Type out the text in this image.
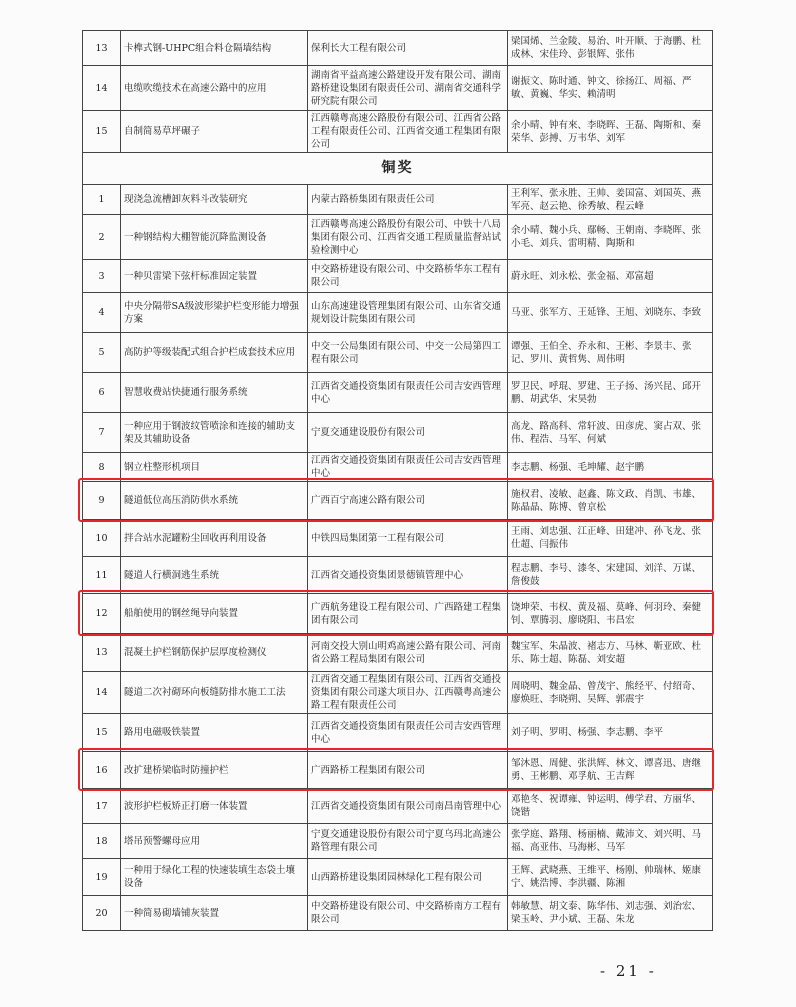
13	卡榫式钢-UHPC组合料仓隔墙结构	保利长大工程有限公司	梁国烯、兰金陵、易治、叶开顺、于海鹏、杜成林、宋佳玲、彭银辉、张伟
14	电缆吹缆技术在高速公路中的应用	湖南省平益高速公路建设开发有限公司、湖南路桥建设集团有限责任公司、湖南省交通科学研究院有限公司	谢振文、陈时通、钟文、徐扬江、周福、严敏、黄巍、华实、赖清明
15	自制简易草坪碾子	江西赣粤高速公路股份有限公司、江西省公路工程有限责任公司、江西省交通工程集团有限公司	余小晴、钟有來、李晓晖、王磊、陶斯和、秦荣华、彭搏、万韦华、刘军
铜奖			
1	现浇急流槽卸灰料斗改装研究	内蒙古路桥集团有限责任公司	王利军、张永胜、王帅、姜国富、刘国英、燕军亮、赵云艳、徐秀敏、程云峰
2	一种钢结构大棚智能沉降监测设备	江西赣粤高速公路股份有限公司、中铁十八局集团有限公司、江西省交通工程质量监督站试验检测中心	余小晴、魏小兵、鄢畅、王朝南、李晓晖、张小毛、刘兵、雷明精、陶斯和
3	一种贝雷梁下弦杆标准固定装置	中交路桥建设有限公司、中交路桥华东工程有限公司	蔚永旺、刘永松、张金福、邓富超
4	中央分隔带SA级波形梁护栏变形能力增强方案	山东高速建设管理集团有限公司、山东省交通规划设计院集团有限公司	马亚、张军方、王延锋、王旭、刘晓东、李致
5	高防护等级装配式组合护栏成套技术应用	中交一公局集团有限公司、中交一公局第四工程有限公司	谭强、王伯全、乔永和、王彬、李景丰、张记、罗川、黄哲隽、周伟明
6	智慧收费站快捷通行服务系统	江西省交通投资集团有限责任公司吉安西管理中心	罗卫民、呼琨、罗建、王子扬、汤兴昆、邱开鹏、胡武华、宋昊勃
7	一种应用于钢波纹管喷涂和连接的辅助支架及其辅助设备	宁夏交通建设股份有限公司	高龙、路高科、常轩波、田彦虎、窦占双、张伟、程浩、马军、何斌
8	钢立柱整形机项目	江西省交通投资集团有限责任公司吉安西管理中心	李志鹏、杨强、毛坤耀、赵宇鹏
9	隧道低位高压消防供水系统	广西百宁高速公路有限公司	施权君、凌敏、赵鑫、陈文政、肖凯、韦雄、陈晶晶、陈博、曾京松
10	拌合站水泥罐粉尘回收再利用设备	中铁四局集团第一工程有限公司	王雨、刘忠强、江正峰、田建冲、孙飞龙、张仕超、闫振伟
11	隧道人行横洞逃生系统	江西省交通投资集团景德镇管理中心	程志鹏、李号、漆冬、宋建国、刘洋、万谋、詹俊鼓
12	船舶使用的钢丝绳导向装置	广西航务建设工程有限公司、广西路建工程集团有限公司	饶坤荣、韦权、黄及福、莫峰、何羽玲、秦健钊、覃腾羽、廖晓阳、韦昌宏
13	混凝土护栏钢筋保护层厚度检测仪	河南交投大别山明鸡高速公路有限公司、河南省公路工程局集团有限公司	魏宝军、朱晶波、褚志方、马林、靳亚欧、杜乐、陈士超、陈磊、刘安超
14	隧道二次衬砌环向板缝防排水施工工法	江西省交通工程集团有限公司、江西省交通投资集团有限公司遂大项目办、江西赣粤高速公路工程有限责任公司	周晓明、魏金晶、曾茂宇、熊经平、付绍奇、廖焕旺、李晓朔、吴辉、郭震宇
15	路用电磁吸铁装置	江西省交通投资集团有限责任公司吉安西管理中心	刘子明、罗明、杨强、李志鹏、李平
16	改扩建桥梁临时防撞护栏	广西路桥工程集团有限公司	邹沐恩、周健、张洪辉、林文、谭喜迅、唐继勇、王彬鹏、邓孚航、王吉辉
17	波形护栏板矫正打磨一体装置	江西省交通投资集团有限公司南昌南管理中心	邓艳冬、祝谭雍、钟运明、傅学君、方丽华、饶锴
18	塔吊预警螺母应用	宁夏交通建设股份有限公司宁夏乌玛北高速公路管理有限公司	张学庭、路翔、杨丽楠、戴沛文、刘兴明、马福、高亚伟、马海彬、马军
19	一种用于绿化工程的快速装填生态袋土壤设备	山西路桥建设集团园林绿化工程有限公司	王辉、武晓燕、王维平、杨刚、帅瑞林、姬康宁、姚浩博、李洪疆、陈湘
20	一种简易砌墙铺灰装置	中交路桥建设有限公司、中交路桥南方工程有限公司	韩敏慧、胡文泰、陈华伟、刘志强、刘治宏、梁玉岭、尹小斌、王磊、朱龙
- 21 -
